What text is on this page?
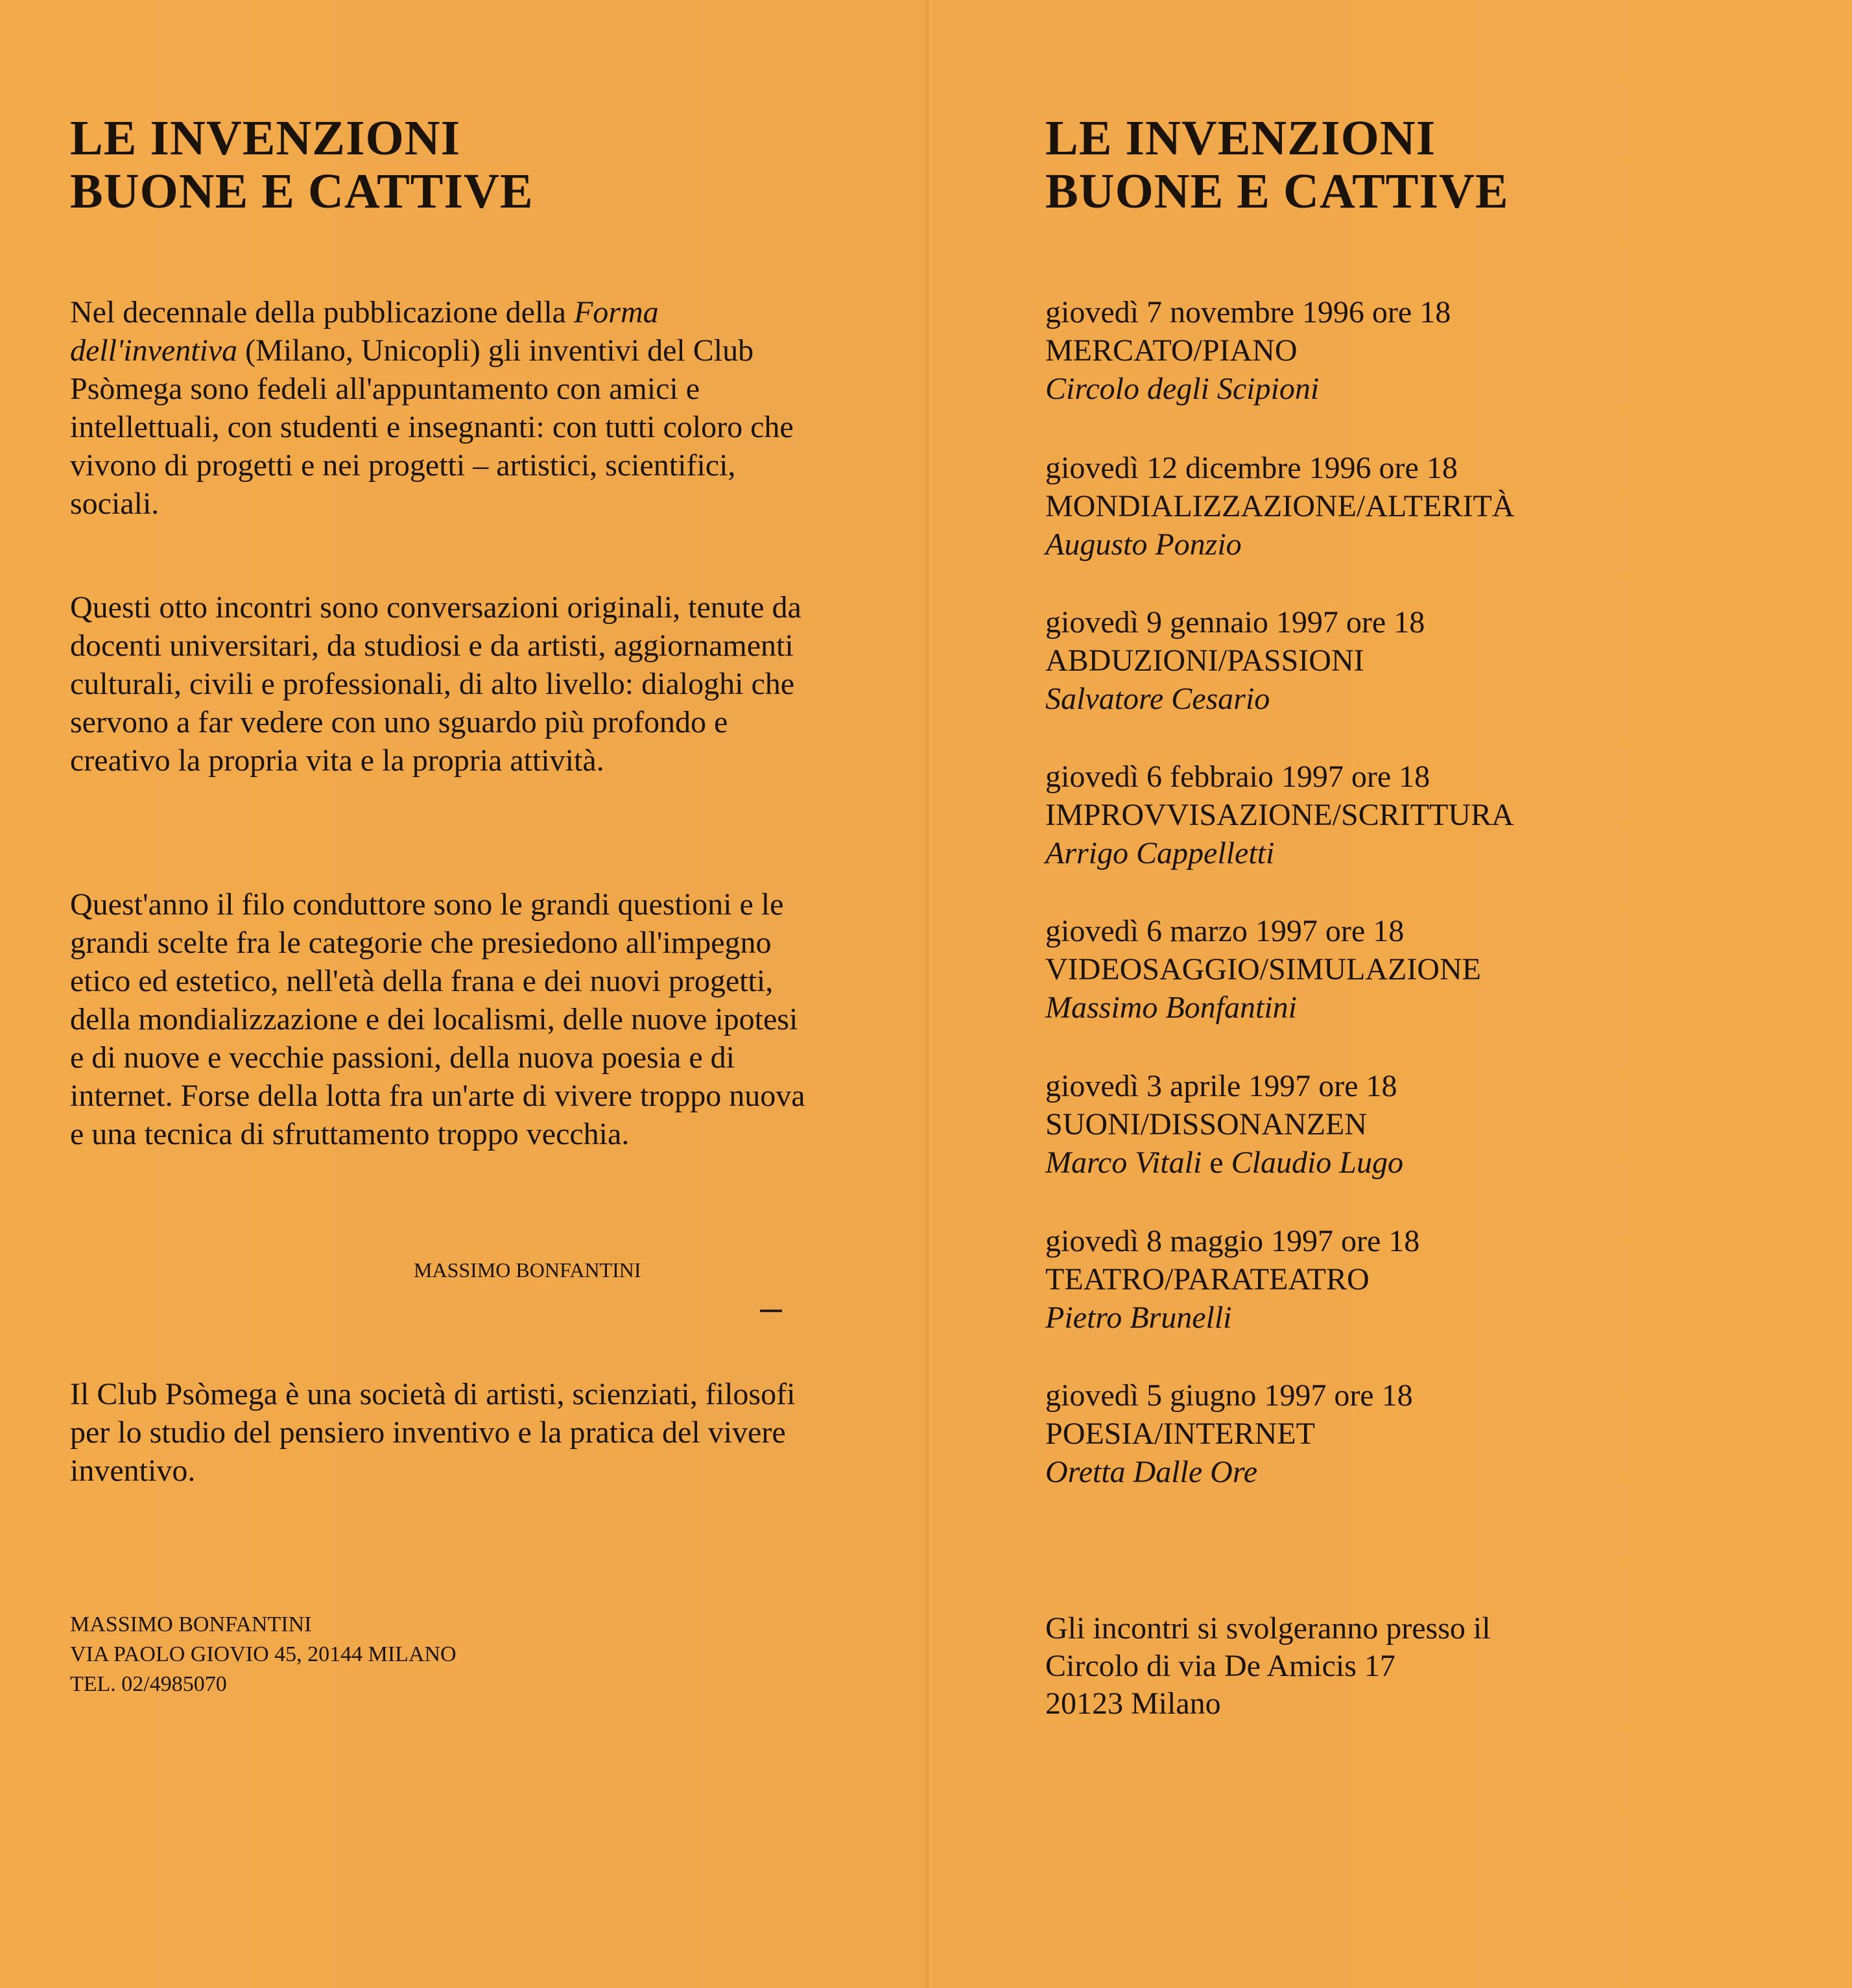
LE INVENZIONI
BUONE E CATTIVE

Nel decennale della pubblicazione della Forma dell'inventiva (Milano, Unicopli) gli inventivi del Club Psòmega sono fedeli all'appuntamento con amici e intellettuali, con studenti e insegnanti: con tutti coloro che vivono di progetti e nei progetti – artistici, scientifici, sociali.

Questi otto incontri sono conversazioni originali, tenute da docenti universitari, da studiosi e da artisti, aggiornamenti culturali, civili e professionali, di alto livello: dialoghi che servono a far vedere con uno sguardo più profondo e creativo la propria vita e la propria attività.

Quest'anno il filo conduttore sono le grandi questioni e le grandi scelte fra le categorie che presiedono all'impegno etico ed estetico, nell'età della frana e dei nuovi progetti, della mondializzazione e dei localismi, delle nuove ipotesi e di nuove e vecchie passioni, della nuova poesia e di internet. Forse della lotta fra un'arte di vivere troppo nuova e una tecnica di sfruttamento troppo vecchia.

MASSIMO BONFANTINI

Il Club Psòmega è una società di artisti, scienziati, filosofi per lo studio del pensiero inventivo e la pratica del vivere inventivo.

MASSIMO BONFANTINI
VIA PAOLO GIOVIO 45, 20144 MILANO
TEL. 02/4985070
LE INVENZIONI
BUONE E CATTIVE
giovedì 7 novembre 1996 ore 18
MERCATO/PIANO
Circolo degli Scipioni
giovedì 12 dicembre 1996 ore 18
MONDIALIZZAZIONE/ALTERITÀ
Augusto Ponzio
giovedì 9 gennaio 1997 ore 18
ABDUZIONI/PASSIONI
Salvatore Cesario
giovedì 6 febbraio 1997 ore 18
IMPROVVISAZIONE/SCRITTURA
Arrigo Cappelletti
giovedì 6 marzo 1997 ore 18
VIDEOSAGGIO/SIMULAZIONE
Massimo Bonfantini
giovedì 3 aprile 1997 ore 18
SUONI/DISSONANZEN
Marco Vitali e Claudio Lugo
giovedì 8 maggio 1997 ore 18
TEATRO/PARATEATRO
Pietro Brunelli
giovedì 5 giugno 1997 ore 18
POESIA/INTERNET
Oretta Dalle Ore
Gli incontri si svolgeranno presso il
Circolo di via De Amicis 17
20123 Milano
